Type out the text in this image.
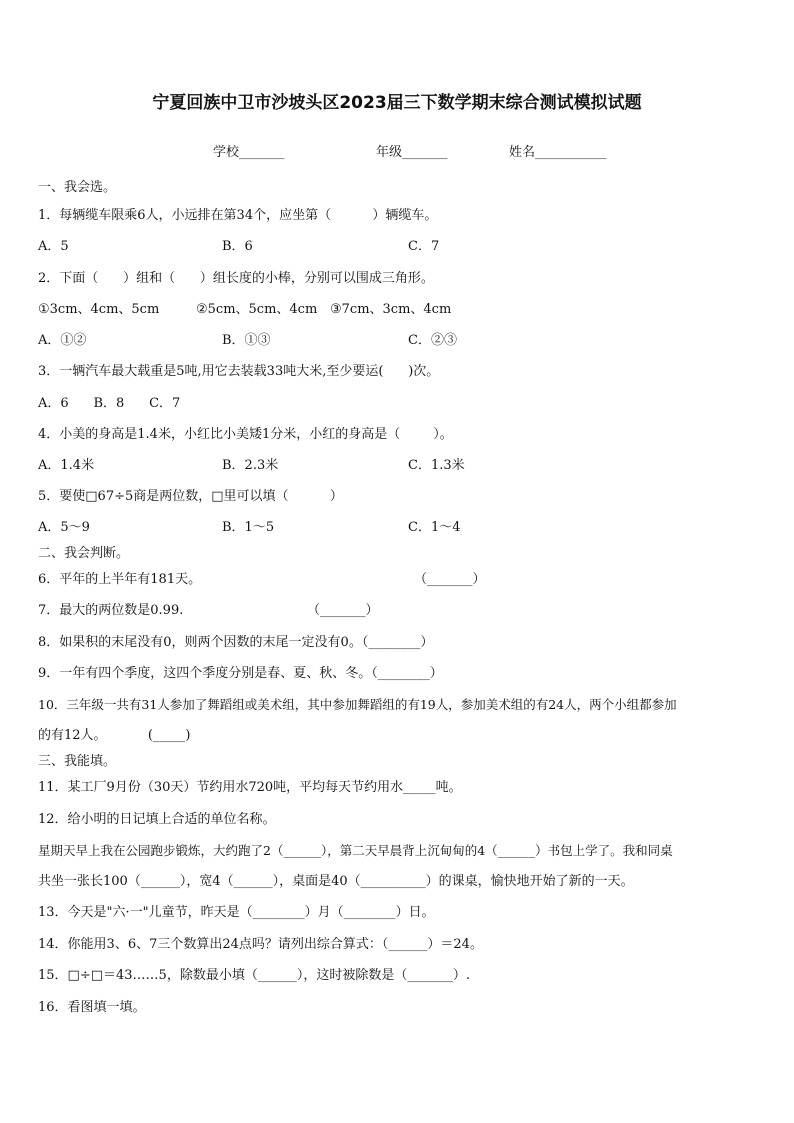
宁夏回族中卫市沙坡头区2023届三下数学期末综合测试模拟试题
学校_______	年级_______	姓名___________
一、我会选。
1．每辆缆车限乘6人，小远排在第34个，应坐第（          ）辆缆车。
A．5	B．6	C．7
2．下面（      ）组和（      ）组长度的小棒，分别可以围成三角形。
①3cm、4cm、5cm	②5cm、5cm、4cm ③7cm、3cm、4cm
A．①②	B．①③	C．②③
3．一辆汽车最大载重是5吨,用它去装载33吨大米,至少要运(      )次。
A．6      B．8      C．7
4．小美的身高是1.4米，小红比小美矮1分米，小红的身高是（        ）。
A．1.4米	B．2.3米	C．1.3米
5．要使□67÷5商是两位数，□里可以填（          ）
A．5～9	B．1～5	C．1～4
二、我会判断。
6．平年的上半年有181天。	（_______）
7．最大的两位数是0.99.	（_______）
8．如果积的末尾没有0，则两个因数的末尾一定没有0。（________）
9．一年有四个季度，这四个季度分别是春、夏、秋、冬。（________）
10．三年级一共有31人参加了舞蹈组或美术组，其中参加舞蹈组的有19人，参加美术组的有24人，两个小组都参加
的有12人。          (_____)
三、我能填。
11．某工厂9月份（30天）节约用水720吨，平均每天节约用水_____吨。
12．给小明的日记填上合适的单位名称。
星期天早上我在公园跑步锻炼，大约跑了2（______），第二天早晨背上沉甸甸的4（______）书包上学了。我和同桌
共坐一张长100（______），宽4（______），桌面是40（__________）的课桌，愉快地开始了新的一天。
13．今天是"六·一"儿童节，昨天是（________）月（________）日。
14．你能用3、6、7三个数算出24点吗？请列出综合算式：（______）＝24。
15．□÷□＝43……5，除数最小填（______），这时被除数是（_______）.
16．看图填一填。
